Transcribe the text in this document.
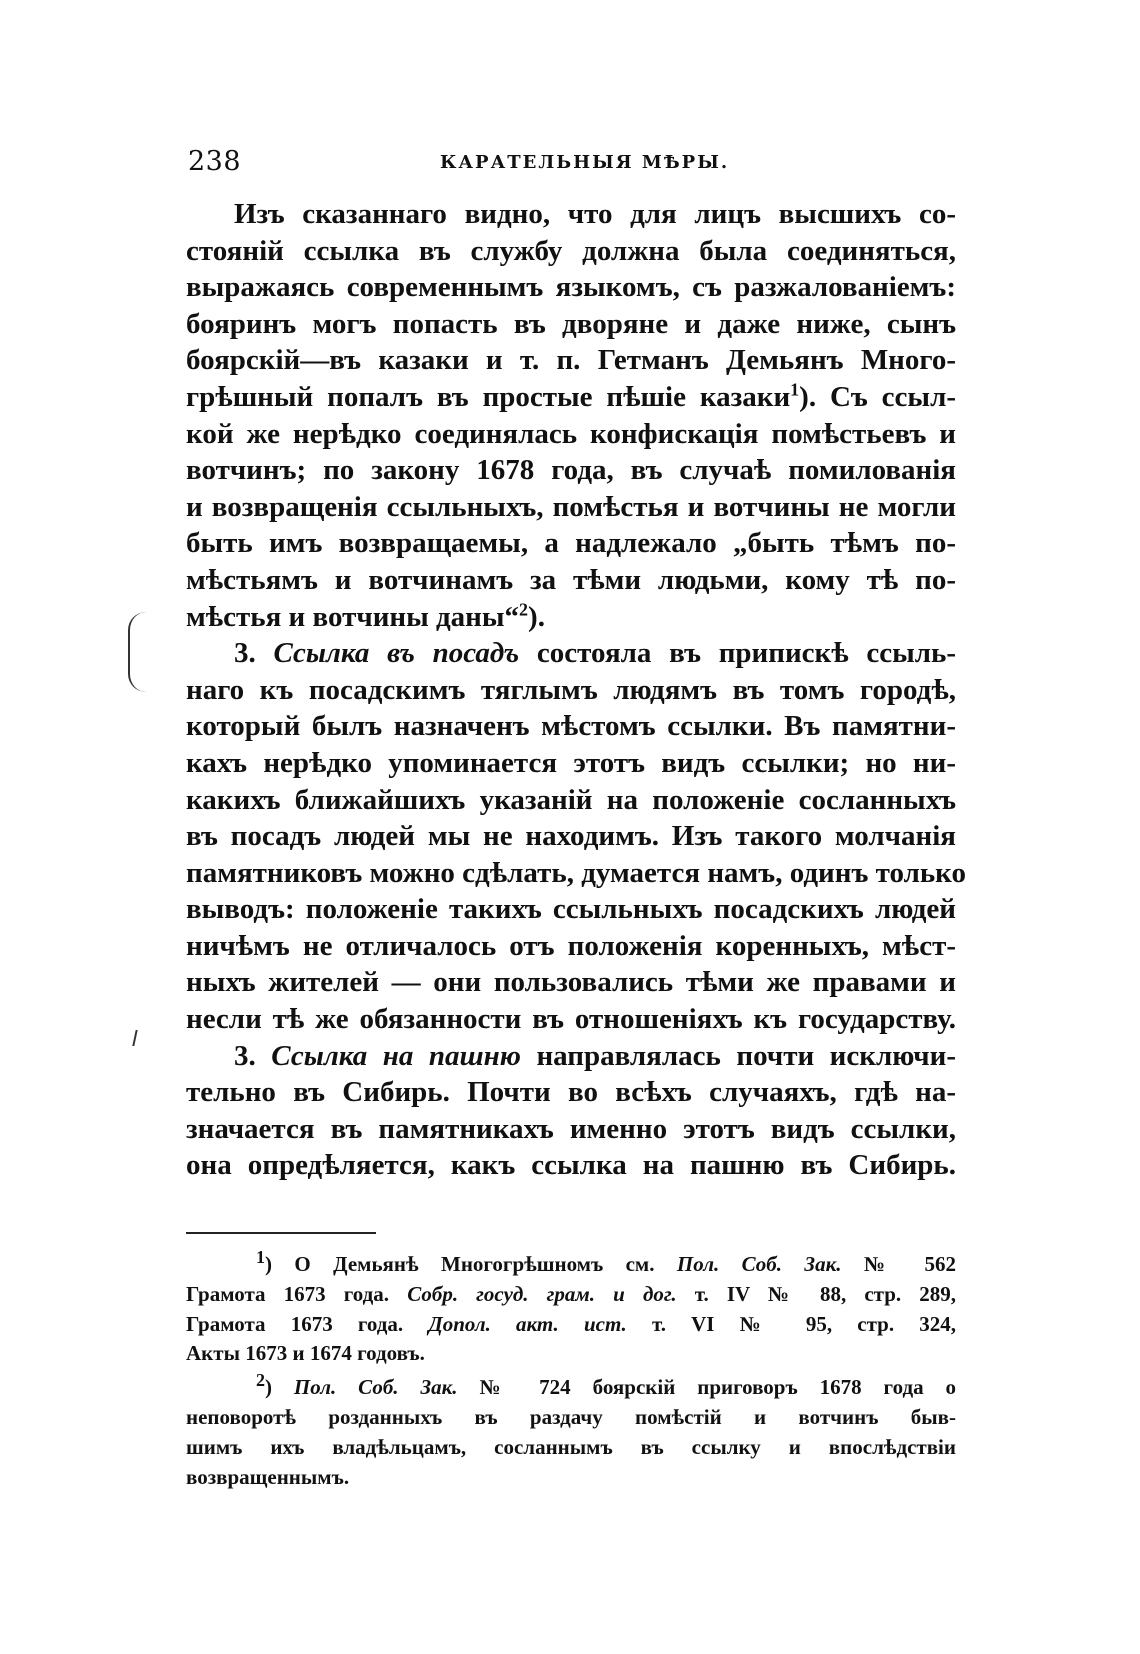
238	КАРАТЕЛЬНЫЯ МѢРЫ.
Изъ сказаннаго видно, что для лицъ высшихъ со-
стояній ссылка въ службу должна была соединяться,
выражаясь современнымъ языкомъ, съ разжалованіемъ:
бояринъ могъ попасть въ дворяне и даже ниже, сынъ
боярскій—въ казаки и т. п. Гетманъ Демьянъ Много-
грѣшный попалъ въ простые пѣшіе казаки$^1$). Съ ссыл-
кой же нерѣдко соединялась конфискація помѣстьевъ и
вотчинъ; по закону 1678 года, въ случаѣ помилованія
и возвращенія ссыльныхъ, помѣстья и вотчины не могли
быть имъ возвращаемы, а надлежало „быть тѣмъ по-
мѣстьямъ и вотчинамъ за тѣми людьми, кому тѣ по-
мѣстья и вотчины даны“$^2$).
3. Ссылка въ посадъ состояла въ припискѣ ссыль-
наго къ посадскимъ тяглымъ людямъ въ томъ городѣ,
который былъ назначенъ мѣстомъ ссылки. Въ памятни-
кахъ нерѣдко упоминается этотъ видъ ссылки; но ни-
какихъ ближайшихъ указаній на положеніе сосланныхъ
въ посадъ людей мы не находимъ. Изъ такого молчанія
памятниковъ можно сдѣлать, думается намъ, одинъ только
выводъ: положеніе такихъ ссыльныхъ посадскихъ людей
ничѣмъ не отличалось отъ положенія коренныхъ, мѣст-
ныхъ жителей — они пользовались тѣми же правами и
несли тѣ же обязанности въ отношеніяхъ къ государству.
3. Ссылка на пашню направлялась почти исключи-
тельно въ Сибирь. Почти во всѣхъ случаяхъ, гдѣ на-
значается въ памятникахъ именно этотъ видъ ссылки,
она опредѣляется, какъ ссылка на пашню въ Сибирь.
$^1$) О Демьянѣ Многогрѣшномъ см. Пол. Соб. Зак. № 562
Грамота 1673 года. Собр. госуд. грам. и дог. т. IV № 88, стр. 289,
Грамота 1673 года. Допол. акт. ист. т. VI № 95, стр. 324,
Акты 1673 и 1674 годовъ.
$^2$) Пол. Соб. Зак. № 724 боярскій приговоръ 1678 года о
неповоротѣ розданныхъ въ раздачу помѣстій и вотчинъ быв-
шимъ ихъ владѣльцамъ, сосланнымъ въ ссылку и впослѣдствіи
возвращеннымъ.
